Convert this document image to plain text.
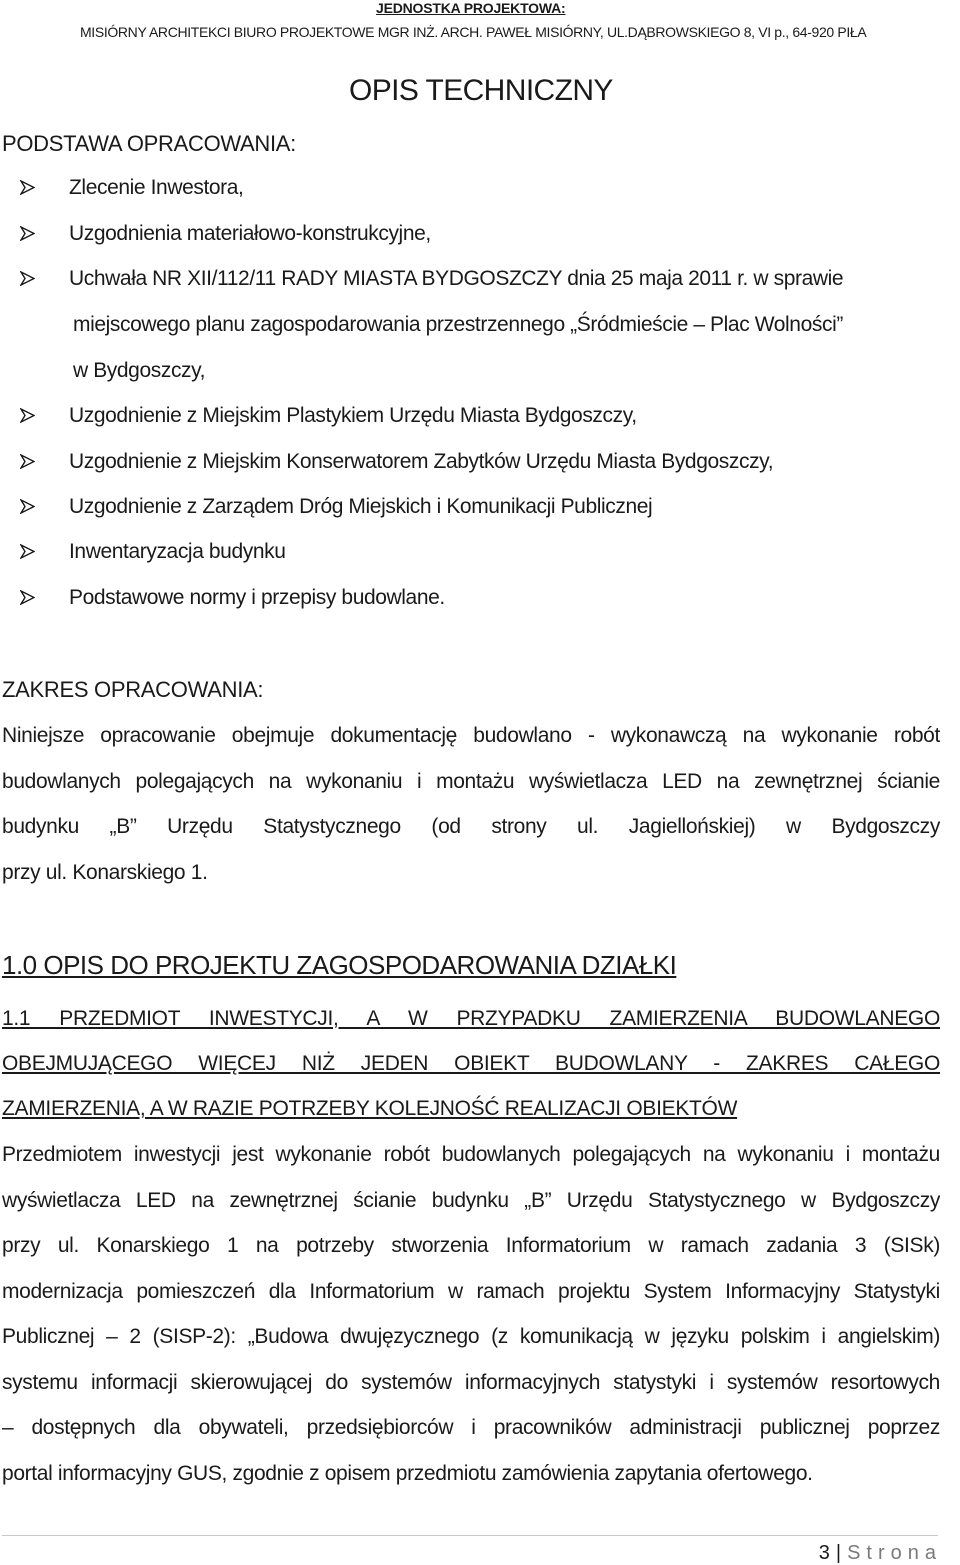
JEDNOSTKA PROJEKTOWA:
MISIÓRNY ARCHITEKCI BIURO PROJEKTOWE MGR INŻ. ARCH. PAWEŁ MISIÓRNY, UL.DĄBROWSKIEGO 8, VI p., 64-920 PIŁA
OPIS TECHNICZNY
PODSTAWA OPRACOWANIA:
Zlecenie Inwestora,
Uzgodnienia materiałowo-konstrukcyjne,
Uchwała NR XII/112/11 RADY MIASTA BYDGOSZCZY dnia 25 maja 2011 r. w sprawie
miejscowego planu zagospodarowania przestrzennego „Śródmieście – Plac Wolności”
w Bydgoszczy,
Uzgodnienie z Miejskim Plastykiem Urzędu Miasta Bydgoszczy,
Uzgodnienie z Miejskim Konserwatorem Zabytków Urzędu Miasta Bydgoszczy,
Uzgodnienie z Zarządem Dróg Miejskich i Komunikacji Publicznej
Inwentaryzacja budynku
Podstawowe normy i przepisy budowlane.
ZAKRES OPRACOWANIA:
Niniejsze opracowanie obejmuje dokumentację budowlano - wykonawczą na wykonanie robót
budowlanych polegających na wykonaniu i montażu wyświetlacza LED na zewnętrznej ścianie
budynku „B” Urzędu Statystycznego (od strony ul. Jagiellońskiej) w Bydgoszczy
przy ul. Konarskiego 1.
1.0 OPIS DO PROJEKTU ZAGOSPODAROWANIA DZIAŁKI
1.1 PRZEDMIOT INWESTYCJI, A W PRZYPADKU ZAMIERZENIA BUDOWLANEGO
OBEJMUJĄCEGO WIĘCEJ NIŻ JEDEN OBIEKT BUDOWLANY - ZAKRES CAŁEGO
ZAMIERZENIA, A W RAZIE POTRZEBY KOLEJNOŚĆ REALIZACJI OBIEKTÓW
Przedmiotem inwestycji jest wykonanie robót budowlanych polegających na wykonaniu i montażu
wyświetlacza LED na zewnętrznej ścianie budynku „B” Urzędu Statystycznego w Bydgoszczy
przy ul. Konarskiego 1 na potrzeby stworzenia Informatorium w ramach zadania 3 (SISk)
modernizacja pomieszczeń dla Informatorium w ramach projektu System Informacyjny Statystyki
Publicznej – 2 (SISP-2): „Budowa dwujęzycznego (z komunikacją w języku polskim i angielskim)
systemu informacji skierowującej do systemów informacyjnych statystyki i systemów resortowych
– dostępnych dla obywateli, przedsiębiorców i pracowników administracji publicznej poprzez
portal informacyjny GUS, zgodnie z opisem przedmiotu zamówienia zapytania ofertowego.
3 | Strona
